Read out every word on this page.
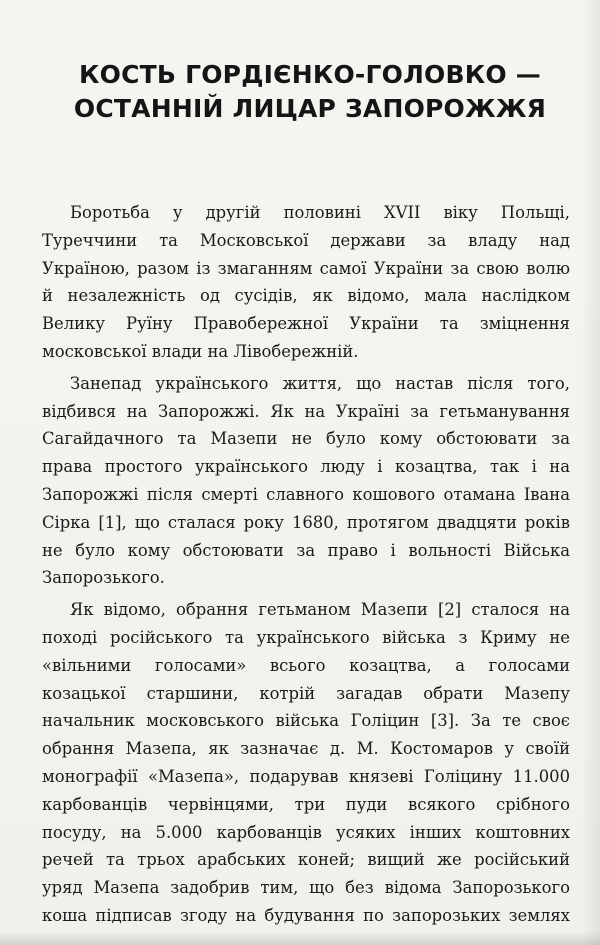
КОСТЬ ГОРДІЄНКО-ГОЛОВКО —
ОСТАННІЙ ЛИЦАР ЗАПОРОЖЖЯ
Боротьба у другій половині XVII віку Польщі,
Туреччини та Московської держави за владу над
Україною, разом із змаганням самої України за свою волю
й незалежність од сусідів, як відомо, мала наслідком
Велику Руїну Правобережної України та зміцнення
московської влади на Лівобережній.
Занепад українського життя, що настав після того,
відбився на Запорожжі. Як на Україні за гетьманування
Сагайдачного та Мазепи не було кому обстоювати за
права простого українського люду і козацтва, так і на
Запорожжі після смерті славного кошового отамана Івана
Сірка [1], що сталася року 1680, протягом двадцяти років
не було кому обстоювати за право і вольності Війська
Запорозького.
Як відомо, обрання гетьманом Мазепи [2] сталося на
поході російського та українського війська з Криму не
«вільними голосами» всього козацтва, а голосами
козацької старшини, котрій загадав обрати Мазепу
начальник московського війська Голіцин [3]. За те своє
обрання Мазепа, як зазначає д. М. Костомаров у своїй
монографії «Мазепа», подарував князеві Голіцину 11.000
карбованців червінцями, три пуди всякого срібного
посуду, на 5.000 карбованців усяких інших коштовних
речей та трьох арабських коней; вищий же російський
уряд Мазепа задобрив тим, що без відома Запорозького
коша підписав згоду на будування по запорозьких землях
